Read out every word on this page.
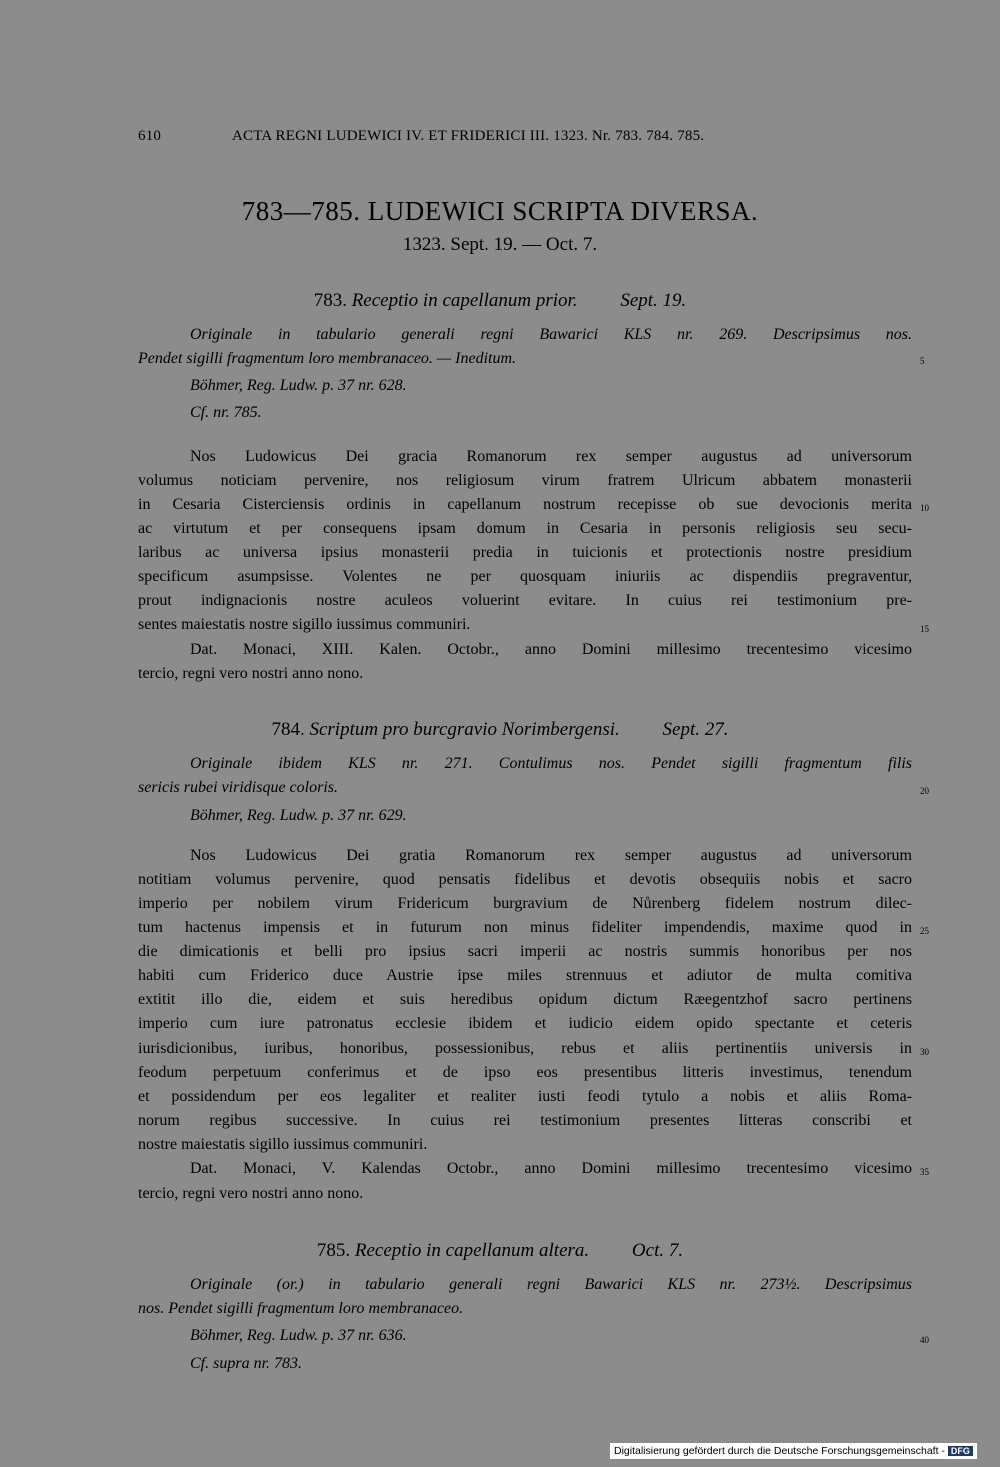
610	ACTA REGNI LUDEWICI IV. ET FRIDERICI III. 1323. Nr. 783. 784. 785.
783—785. LUDEWICI SCRIPTA DIVERSA.
1323. Sept. 19. — Oct. 7.
783. Receptio in capellanum prior. Sept. 19.
Originale in tabulario generali regni Bawarici KLS nr. 269. Descripsimus nos.
Pendet sigilli fragmentum loro membranaceo. — Ineditum.
Böhmer, Reg. Ludw. p. 37 nr. 628.
Cf. nr. 785.
Nos Ludowicus Dei gracia Romanorum rex semper augustus ad universorum
volumus noticiam pervenire, nos religiosum virum fratrem Ulricum abbatem monasterii
in Cesaria Cisterciensis ordinis in capellanum nostrum recepisse ob sue devocionis merita
ac virtutum et per consequens ipsam domum in Cesaria in personis religiosis seu secu-
laribus ac universa ipsius monasterii predia in tuicionis et protectionis nostre presidium
specificum asumpsisse. Volentes ne per quosquam iniuriis ac dispendiis pregraventur,
prout indignacionis nostre aculeos voluerint evitare. In cuius rei testimonium pre-
sentes maiestatis nostre sigillo iussimus communiri.
Dat. Monaci, XIII. Kalen. Octobr., anno Domini millesimo trecentesimo vicesimo
tercio, regni vero nostri anno nono.
784. Scriptum pro burcgravio Norimbergensi. Sept. 27.
Originale ibidem KLS nr. 271. Contulimus nos. Pendet sigilli fragmentum filis
sericis rubei viridisque coloris.
Böhmer, Reg. Ludw. p. 37 nr. 629.
Nos Ludowicus Dei gratia Romanorum rex semper augustus ad universorum
notitiam volumus pervenire, quod pensatis fidelibus et devotis obsequiis nobis et sacro
imperio per nobilem virum Fridericum burgravium de Nůrenberg fidelem nostrum dilec-
tum hactenus impensis et in futurum non minus fideliter impendendis, maxime quod in
die dimicationis et belli pro ipsius sacri imperii ac nostris summis honoribus per nos
habiti cum Friderico duce Austrie ipse miles strennuus et adiutor de multa comitiva
extitit illo die, eidem et suis heredibus opidum dictum Ræegentzhof sacro pertinens
imperio cum iure patronatus ecclesie ibidem et iudicio eidem opido spectante et ceteris
iurisdicionibus, iuribus, honoribus, possessionibus, rebus et aliis pertinentiis universis in
feodum perpetuum conferimus et de ipso eos presentibus litteris investimus, tenendum
et possidendum per eos legaliter et realiter iusti feodi tytulo a nobis et aliis Roma-
norum regibus successive. In cuius rei testimonium presentes litteras conscribi et
nostre maiestatis sigillo iussimus communiri.
Dat. Monaci, V. Kalendas Octobr., anno Domini millesimo trecentesimo vicesimo
tercio, regni vero nostri anno nono.
785. Receptio in capellanum altera. Oct. 7.
Originale (or.) in tabulario generali regni Bawarici KLS nr. 273½. Descripsimus
nos. Pendet sigilli fragmentum loro membranaceo.
Böhmer, Reg. Ludw. p. 37 nr. 636.
Cf. supra nr. 783.
5
10
15
20
25
30
35
40
Digitalisierung gefördert durch die Deutsche Forschungsgemeinschaft - DFG
